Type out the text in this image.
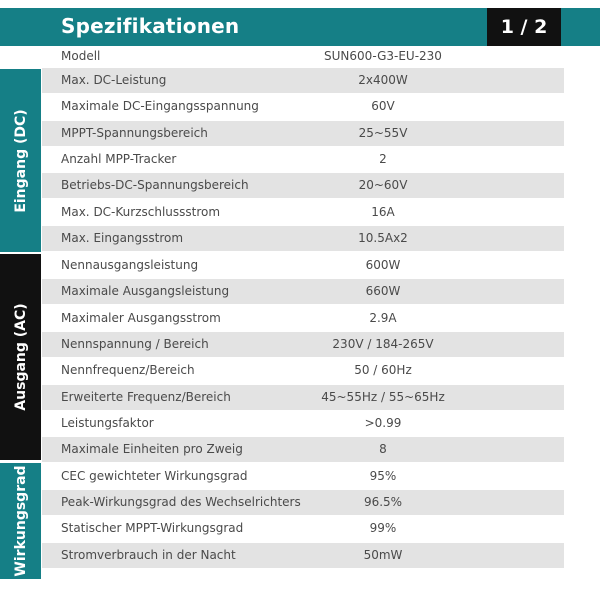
Spezifikationen	1 / 2
Modell	SUN600-G3-EU-230
Eingang (DC)
Ausgang (AC)
Wirkungsgrad
Max. DC-Leistung	2x400W
Maximale DC-Eingangsspannung	60V
MPPT-Spannungsbereich	25~55V
Anzahl MPP-Tracker	2
Betriebs-DC-Spannungsbereich	20~60V
Max. DC-Kurzschlussstrom	16A
Max. Eingangsstrom	10.5Ax2
Nennausgangsleistung	600W
Maximale Ausgangsleistung	660W
Maximaler Ausgangsstrom	2.9A
Nennspannung / Bereich	230V / 184-265V
Nennfrequenz/Bereich	50 / 60Hz
Erweiterte Frequenz/Bereich	45~55Hz / 55~65Hz
Leistungsfaktor	>0.99
Maximale Einheiten pro Zweig	8
CEC gewichteter Wirkungsgrad	95%
Peak-Wirkungsgrad des Wechselrichters	96.5%
Statischer MPPT-Wirkungsgrad	99%
Stromverbrauch in der Nacht	50mW
